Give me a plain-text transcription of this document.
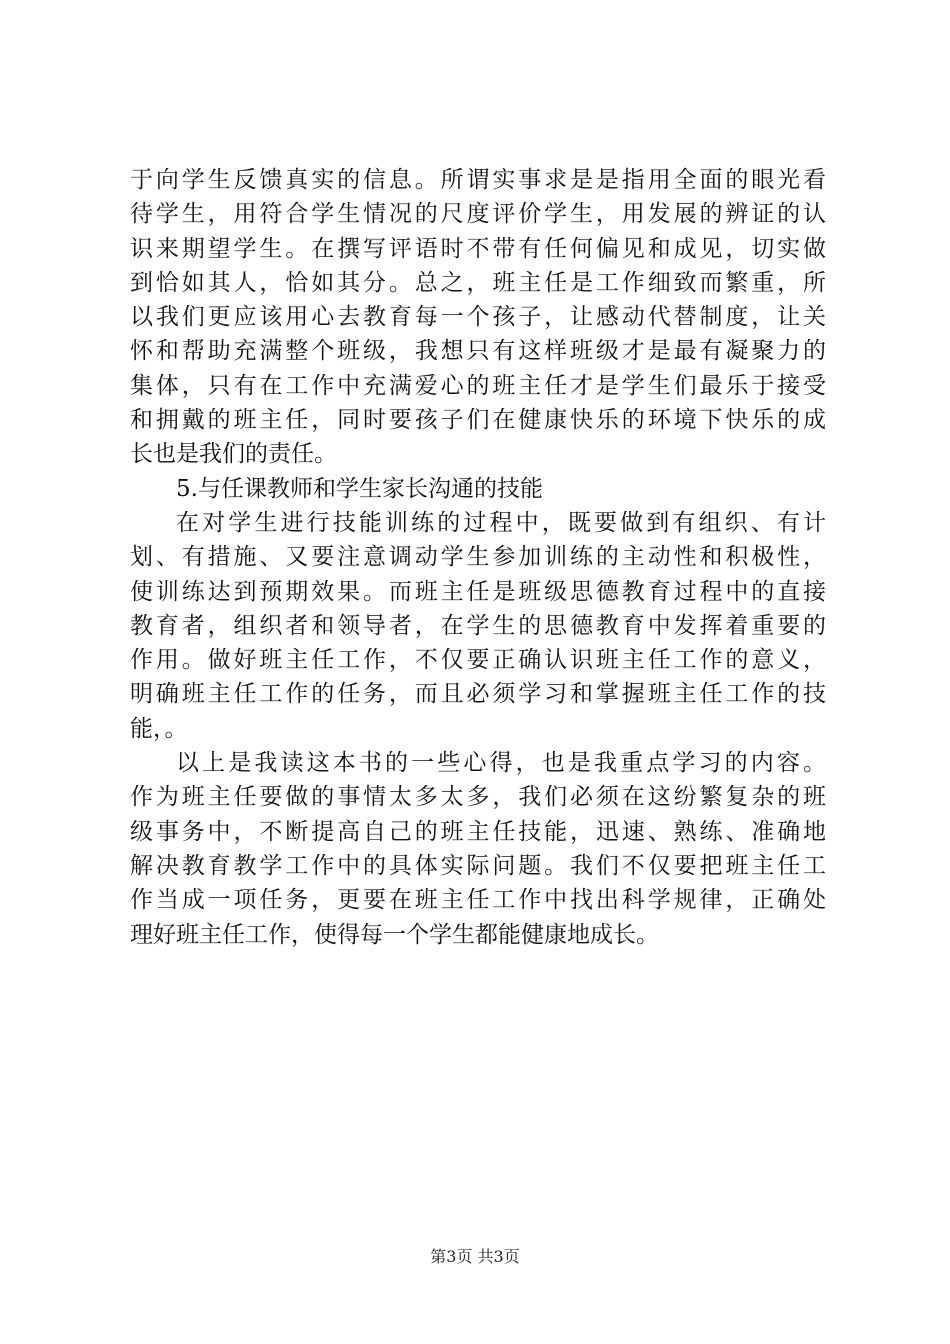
于向学生反馈真实的信息。所谓实事求是是指用全面的眼光看
待学生，用符合学生情况的尺度评价学生，用发展的辨证的认
识来期望学生。在撰写评语时不带有任何偏见和成见，切实做
到恰如其人，恰如其分。总之，班主任是工作细致而繁重，所
以我们更应该用心去教育每一个孩子，让感动代替制度，让关
怀和帮助充满整个班级，我想只有这样班级才是最有凝聚力的
集体，只有在工作中充满爱心的班主任才是学生们最乐于接受
和拥戴的班主任，同时要孩子们在健康快乐的环境下快乐的成
长也是我们的责任。
5.与任课教师和学生家长沟通的技能
在对学生进行技能训练的过程中，既要做到有组织、有计
划、有措施、又要注意调动学生参加训练的主动性和积极性，
使训练达到预期效果。而班主任是班级思德教育过程中的直接
教育者，组织者和领导者，在学生的思德教育中发挥着重要的
作用。做好班主任工作，不仅要正确认识班主任工作的意义，
明确班主任工作的任务，而且必须学习和掌握班主任工作的技
能，。
以上是我读这本书的一些心得，也是我重点学习的内容。
作为班主任要做的事情太多太多，我们必须在这纷繁复杂的班
级事务中，不断提高自己的班主任技能，迅速、熟练、准确地
解决教育教学工作中的具体实际问题。我们不仅要把班主任工
作当成一项任务，更要在班主任工作中找出科学规律，正确处
理好班主任工作，使得每一个学生都能健康地成长。
第3页 共3页
